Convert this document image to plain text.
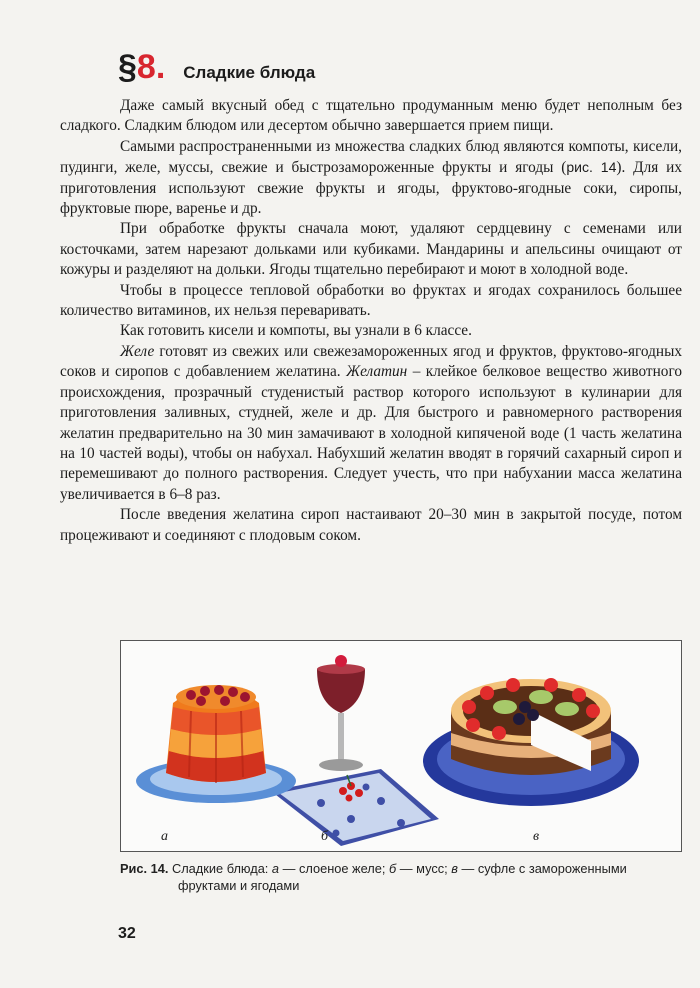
§8. Сладкие блюда

Даже самый вкусный обед с тщательно продуманным меню будет неполным без сладкого. Сладким блюдом или десертом обычно завершается прием пищи.

Самыми распространенными из множества сладких блюд являются компоты, кисели, пудинги, желе, муссы, свежие и быстрозамороженные фрукты и ягоды (рис. 14). Для их приготовления используют свежие фрукты и ягоды, фруктово-ягодные соки, сиропы, фруктовые пюре, варенье и др.

При обработке фрукты сначала моют, удаляют сердцевину с семенами или косточками, затем нарезают дольками или кубиками. Мандарины и апельсины очищают от кожуры и разделяют на дольки. Ягоды тщательно перебирают и моют в холодной воде.

Чтобы в процессе тепловой обработки во фруктах и ягодах сохранилось большее количество витаминов, их нельзя переваривать.

Как готовить кисели и компоты, вы узнали в 6 классе.

Желе готовят из свежих или свежезамороженных ягод и фруктов, фруктово-ягодных соков и сиропов с добавлением желатина. Желатин – клейкое белковое вещество животного происхождения, прозрачный студенистый раствор которого используют в кулинарии для приготовления заливных, студней, желе и др. Для быстрого и равномерного растворения желатин предварительно на 30 мин замачивают в холодной кипяченой воде (1 часть желатина на 10 частей воды), чтобы он набухал. Набухший желатин вводят в горячий сахарный сироп и перемешивают до полного растворения. Следует учесть, что при набухании масса желатина увеличивается в 6–8 раз.

После введения желатина сироп настаивают 20–30 мин в закрытой посуде, потом процеживают и соединяют с плодовым соком.

а	б	в
Рис. 14. Сладкие блюда: а — слоеное желе; б — мусс; в — суфле с замороженными
фруктами и ягодами
32
